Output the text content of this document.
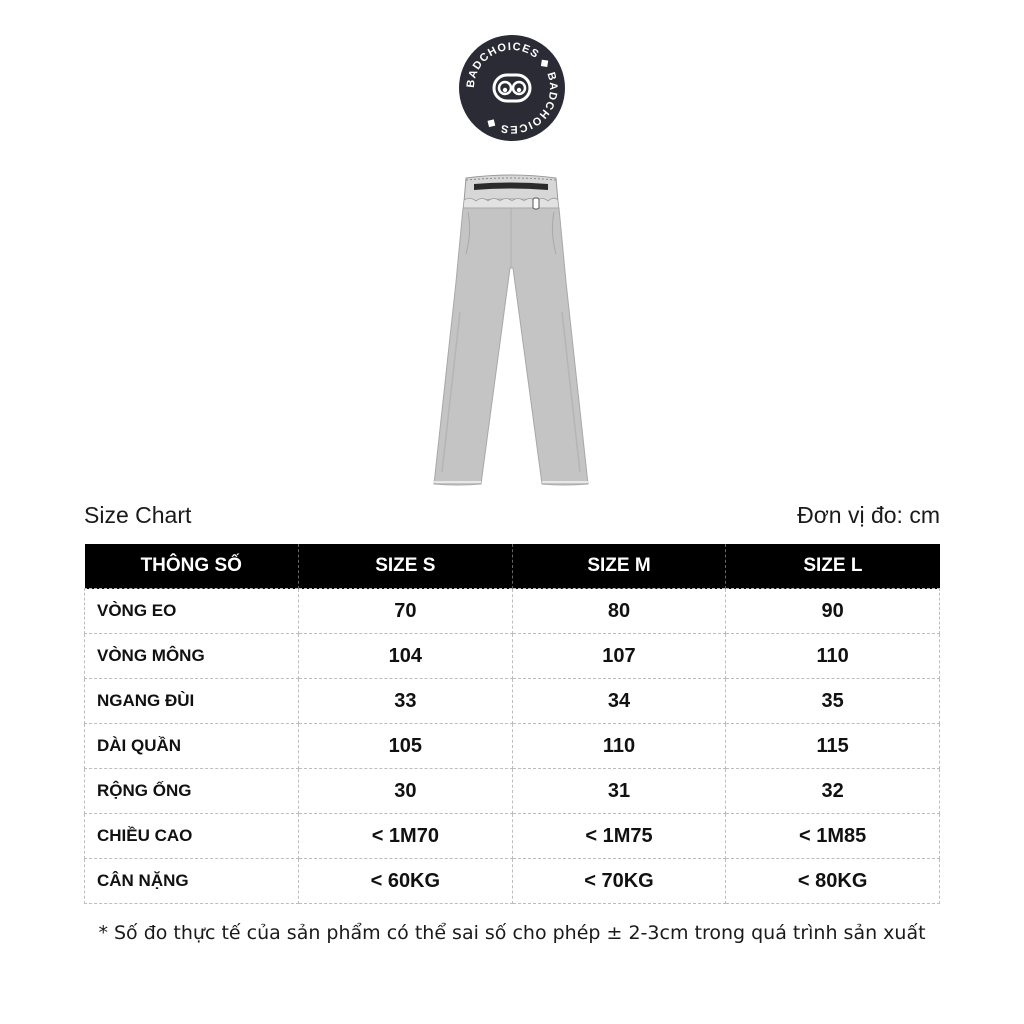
BADCHOICES ◆ BADCHOICES ◆
Size Chart	Đơn vị đo: cm
THÔNG SỐ	SIZE S	SIZE M	SIZE L
VÒNG EO	70	80	90
VÒNG MÔNG	104	107	110
NGANG ĐÙI	33	34	35
DÀI QUẦN	105	110	115
RỘNG ỐNG	30	31	32
CHIỀU CAO	< 1M70	< 1M75	< 1M85
CÂN NẶNG	< 60KG	< 70KG	< 80KG
* Số đo thực tế của sản phẩm có thể sai số cho phép ± 2-3cm trong quá trình sản xuất
